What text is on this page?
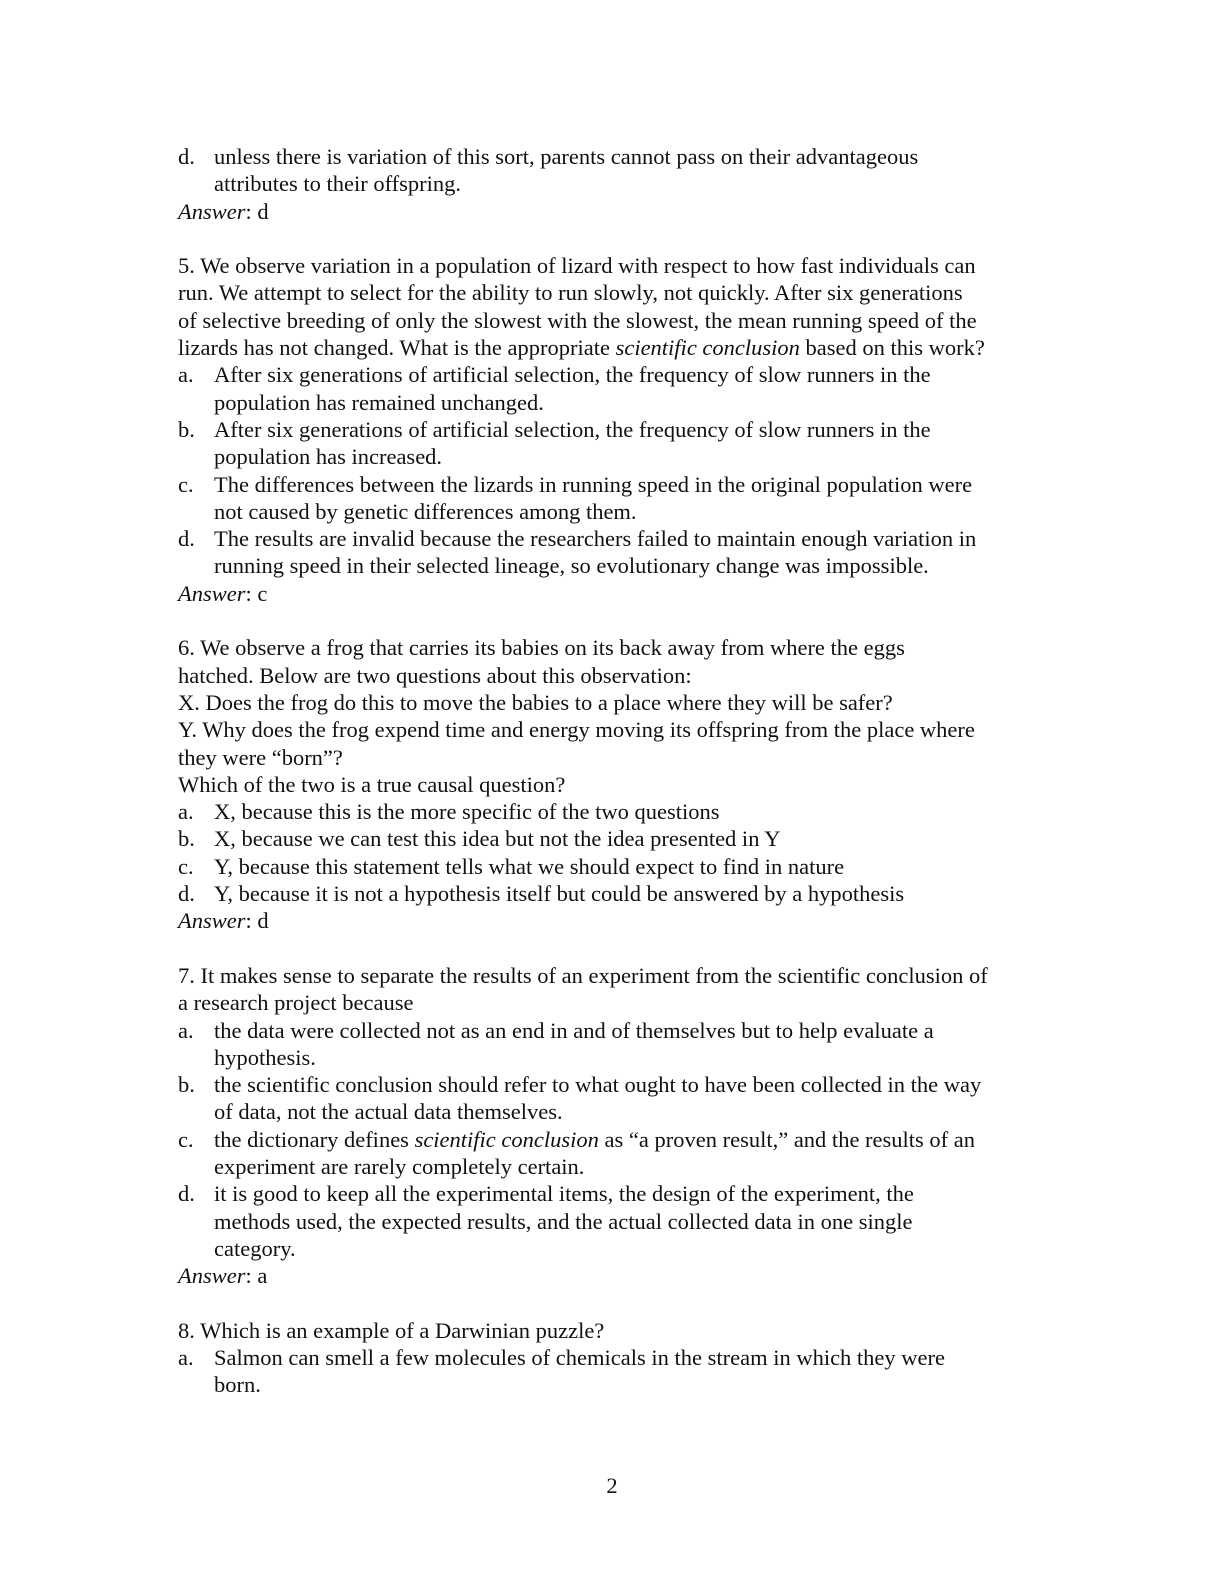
d. unless there is variation of this sort, parents cannot pass on their advantageous
attributes to their offspring.
Answer: d
5. We observe variation in a population of lizard with respect to how fast individuals can
run. We attempt to select for the ability to run slowly, not quickly. After six generations
of selective breeding of only the slowest with the slowest, the mean running speed of the
lizards has not changed. What is the appropriate scientific conclusion based on this work?
a. After six generations of artificial selection, the frequency of slow runners in the
population has remained unchanged.
b. After six generations of artificial selection, the frequency of slow runners in the
population has increased.
c. The differences between the lizards in running speed in the original population were
not caused by genetic differences among them.
d. The results are invalid because the researchers failed to maintain enough variation in
running speed in their selected lineage, so evolutionary change was impossible.
Answer: c
6. We observe a frog that carries its babies on its back away from where the eggs
hatched. Below are two questions about this observation:
X. Does the frog do this to move the babies to a place where they will be safer?
Y. Why does the frog expend time and energy moving its offspring from the place where
they were “born”?
Which of the two is a true causal question?
a. X, because this is the more specific of the two questions
b. X, because we can test this idea but not the idea presented in Y
c. Y, because this statement tells what we should expect to find in nature
d. Y, because it is not a hypothesis itself but could be answered by a hypothesis
Answer: d
7. It makes sense to separate the results of an experiment from the scientific conclusion of
a research project because
a. the data were collected not as an end in and of themselves but to help evaluate a
hypothesis.
b. the scientific conclusion should refer to what ought to have been collected in the way
of data, not the actual data themselves.
c. the dictionary defines scientific conclusion as “a proven result,” and the results of an
experiment are rarely completely certain.
d. it is good to keep all the experimental items, the design of the experiment, the
methods used, the expected results, and the actual collected data in one single
category.
Answer: a
8. Which is an example of a Darwinian puzzle?
a. Salmon can smell a few molecules of chemicals in the stream in which they were
born.
2
